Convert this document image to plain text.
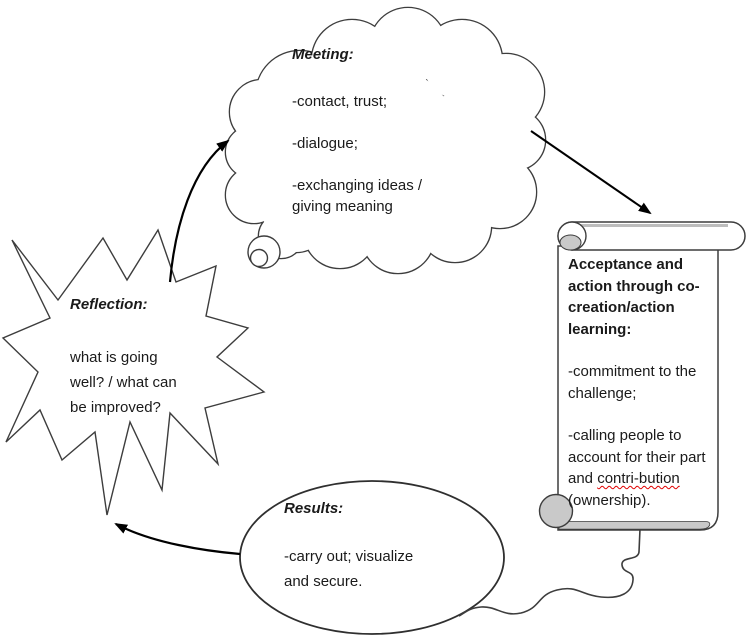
Meeting:
-contact, trust;
-dialogue;
-exchanging ideas / giving meaning
Acceptance and action through co-creation/action learning:
-commitment to the challenge;
-calling people to account for their part and contri-bution (ownership).
Reflection:
what is going well? / what can be improved?
Results:
-carry out; visualize and secure.
